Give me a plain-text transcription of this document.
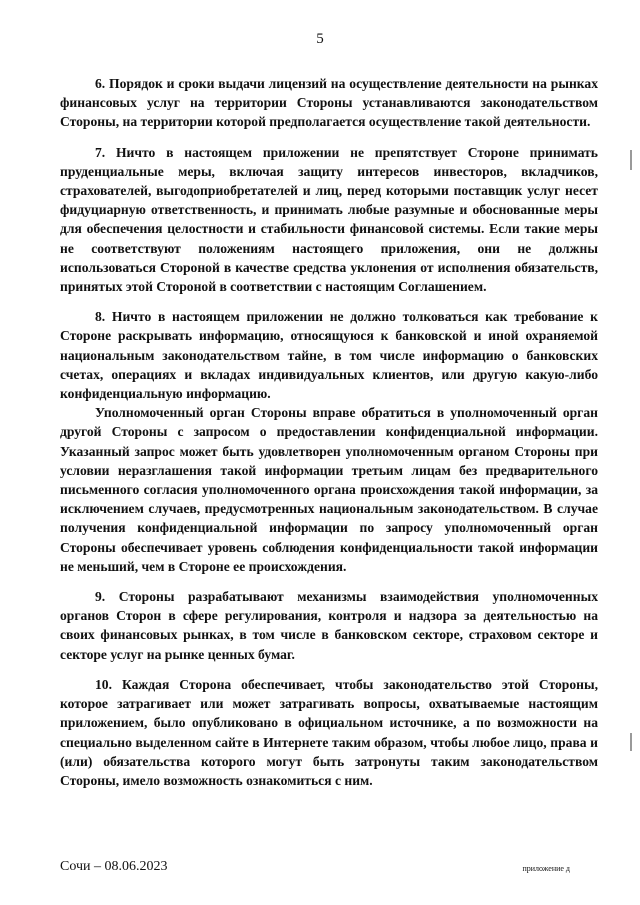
5

6. Порядок и сроки выдачи лицензий на осуществление деятельности на рынках финансовых услуг на территории Стороны устанавливаются законодательством Стороны, на территории которой предполагается осуществление такой деятельности.

7. Ничто в настоящем приложении не препятствует Стороне принимать пруденциальные меры, включая защиту интересов инвесторов, вкладчиков, страхователей, выгодоприобретателей и лиц, перед которыми поставщик услуг несет фидуциарную ответственность, и принимать любые разумные и обоснованные меры для обеспечения целостности и стабильности финансовой системы. Если такие меры не соответствуют положениям настоящего приложения, они не должны использоваться Стороной в качестве средства уклонения от исполнения обязательств, принятых этой Стороной в соответствии с настоящим Соглашением.

8. Ничто в настоящем приложении не должно толковаться как требование к Стороне раскрывать информацию, относящуюся к банковской и иной охраняемой национальным законодательством тайне, в том числе информацию о банковских счетах, операциях и вкладах индивидуальных клиентов, или другую какую-либо конфиденциальную информацию.

Уполномоченный орган Стороны вправе обратиться в уполномоченный орган другой Стороны с запросом о предоставлении конфиденциальной информации. Указанный запрос может быть удовлетворен уполномоченным органом Стороны при условии неразглашения такой информации третьим лицам без предварительного письменного согласия уполномоченного органа происхождения такой информации, за исключением случаев, предусмотренных национальным законодательством. В случае получения конфиденциальной информации по запросу уполномоченный орган Стороны обеспечивает уровень соблюдения конфиденциальности такой информации не меньший, чем в Стороне ее происхождения.

9. Стороны разрабатывают механизмы взаимодействия уполномоченных органов Сторон в сфере регулирования, контроля и надзора за деятельностью на своих финансовых рынках, в том числе в банковском секторе, страховом секторе и секторе услуг на рынке ценных бумаг.

10. Каждая Сторона обеспечивает, чтобы законодательство этой Стороны, которое затрагивает или может затрагивать вопросы, охватываемые настоящим приложением, было опубликовано в официальном источнике, а по возможности на специально выделенном сайте в Интернете таким образом, чтобы любое лицо, права и (или) обязательства которого могут быть затронуты таким законодательством Стороны, имело возможность ознакомиться с ним.

Сочи – 08.06.2023	приложение д
